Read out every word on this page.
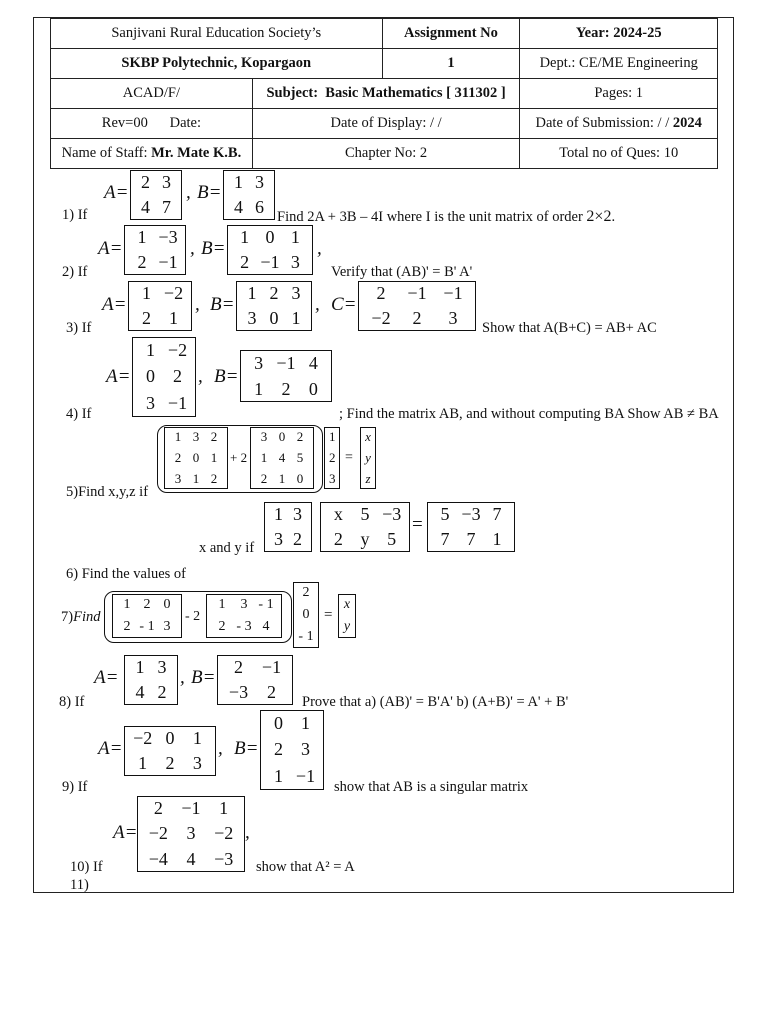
Sanjivani Rural Education Society’s		Assignment No	Year: 2024-25
SKBP Polytechnic, Kopargaon		1	Dept.: CE/ME Engineering
ACAD/F/	Subject: Basic Mathematics [ 311302 ]		Pages: 1
Rev=00 Date:	Date of Display: / /		Date of Submission: / / 2024
Name of Staff: Mr. Mate K.B.	Chapter No: 2		Total no of Ques: 10
1) If
A= 2 3
4 7
, B= 1 3
4 6 Find 2A + 3B – 4I where I is the unit matrix of order 2×2.
2) If
A=
1 −3
2 −1
, B=
1 0 1
2 −1 3
,
Verify that (AB)' = B' A'
3) If
A=
1 −2
2 1
, B=
1 2 3
3 0 1
, C=
2 −1 −1
−2 2 3 Show that A(B+C) = AB+ AC
4) If
A=
1 −2
0 2
3 −1
, B=
3 −1 4
1 2 0
; Find the matrix AB, and without computing BA Show AB ≠ BA
5)Find x,y,z if
1 3 2
2 0 1
3 1 2
+ 2
3 0 2
1 4 5
2 1 0
1
2
3
=
x
y
z
x and y if
1 3
3 2
x 5 −3
2 y 5
= 5 −3 7
7 7 1
6) Find the values of
7)Find
1 2 0
2 - 1 3
- 2
1 3 - 1
2 - 3 4
2
0
- 1
=
x
y
8) If
A= 1 3
4 2
, B= 2 −1
−3 2 Prove that a) (AB)' = B'A' b) (A+B)' = A' + B'
9) If
A= −2 0 1
1 2 3
, B=
0 1
2 3
1 −1
show that AB is a singular matrix
10) If
A=
2 −1 1
−2 3 −2
−4 4 −3
,
show that A² = A
11)
